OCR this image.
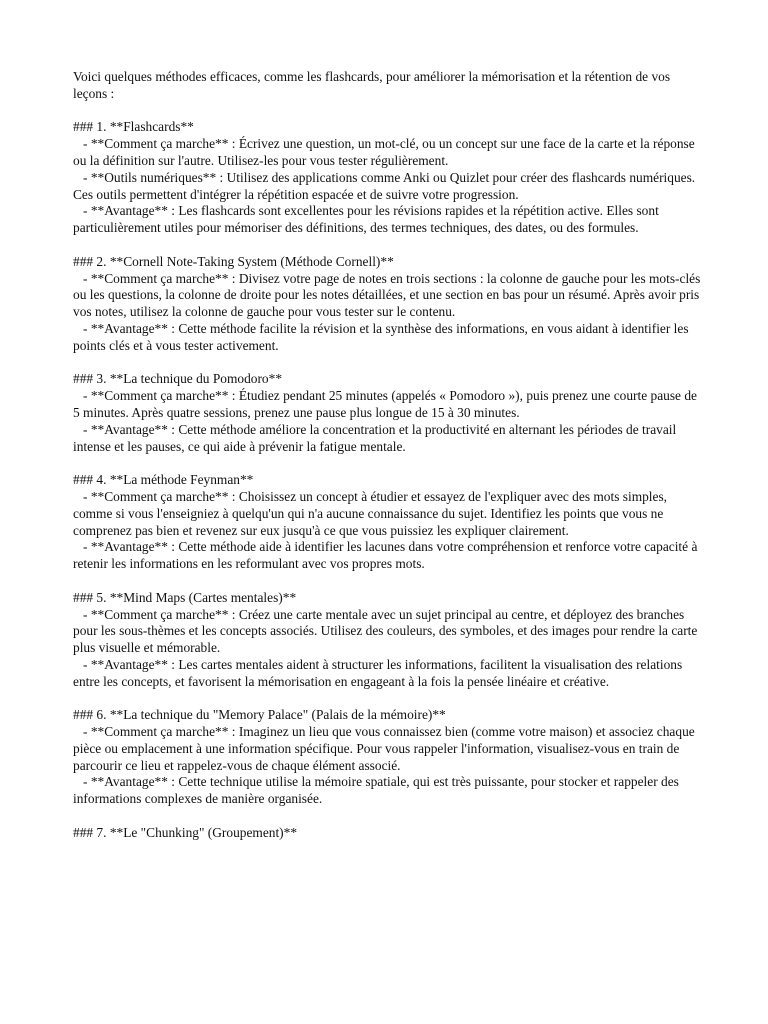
Voici quelques méthodes efficaces, comme les flashcards, pour améliorer la mémorisation et la rétention de vos leçons :

### 1. **Flashcards**
- **Comment ça marche** : Écrivez une question, un mot-clé, ou un concept sur une face de la carte et la réponse ou la définition sur l'autre. Utilisez-les pour vous tester régulièrement.
- **Outils numériques** : Utilisez des applications comme Anki ou Quizlet pour créer des flashcards numériques. Ces outils permettent d'intégrer la répétition espacée et de suivre votre progression.
- **Avantage** : Les flashcards sont excellentes pour les révisions rapides et la répétition active. Elles sont particulièrement utiles pour mémoriser des définitions, des termes techniques, des dates, ou des formules.
### 2. **Cornell Note-Taking System (Méthode Cornell)**
- **Comment ça marche** : Divisez votre page de notes en trois sections : la colonne de gauche pour les mots-clés ou les questions, la colonne de droite pour les notes détaillées, et une section en bas pour un résumé. Après avoir pris vos notes, utilisez la colonne de gauche pour vous tester sur le contenu.
- **Avantage** : Cette méthode facilite la révision et la synthèse des informations, en vous aidant à identifier les points clés et à vous tester activement.
### 3. **La technique du Pomodoro**
- **Comment ça marche** : Étudiez pendant 25 minutes (appelés « Pomodoro »), puis prenez une courte pause de 5 minutes. Après quatre sessions, prenez une pause plus longue de 15 à 30 minutes.
- **Avantage** : Cette méthode améliore la concentration et la productivité en alternant les périodes de travail intense et les pauses, ce qui aide à prévenir la fatigue mentale.
### 4. **La méthode Feynman**
- **Comment ça marche** : Choisissez un concept à étudier et essayez de l'expliquer avec des mots simples, comme si vous l'enseigniez à quelqu'un qui n'a aucune connaissance du sujet. Identifiez les points que vous ne comprenez pas bien et revenez sur eux jusqu'à ce que vous puissiez les expliquer clairement.
- **Avantage** : Cette méthode aide à identifier les lacunes dans votre compréhension et renforce votre capacité à retenir les informations en les reformulant avec vos propres mots.
### 5. **Mind Maps (Cartes mentales)**
- **Comment ça marche** : Créez une carte mentale avec un sujet principal au centre, et déployez des branches pour les sous-thèmes et les concepts associés. Utilisez des couleurs, des symboles, et des images pour rendre la carte plus visuelle et mémorable.
- **Avantage** : Les cartes mentales aident à structurer les informations, facilitent la visualisation des relations entre les concepts, et favorisent la mémorisation en engageant à la fois la pensée linéaire et créative.
### 6. **La technique du "Memory Palace" (Palais de la mémoire)**
- **Comment ça marche** : Imaginez un lieu que vous connaissez bien (comme votre maison) et associez chaque pièce ou emplacement à une information spécifique. Pour vous rappeler l'information, visualisez-vous en train de parcourir ce lieu et rappelez-vous de chaque élément associé.
- **Avantage** : Cette technique utilise la mémoire spatiale, qui est très puissante, pour stocker et rappeler des informations complexes de manière organisée.
### 7. **Le "Chunking" (Groupement)**
